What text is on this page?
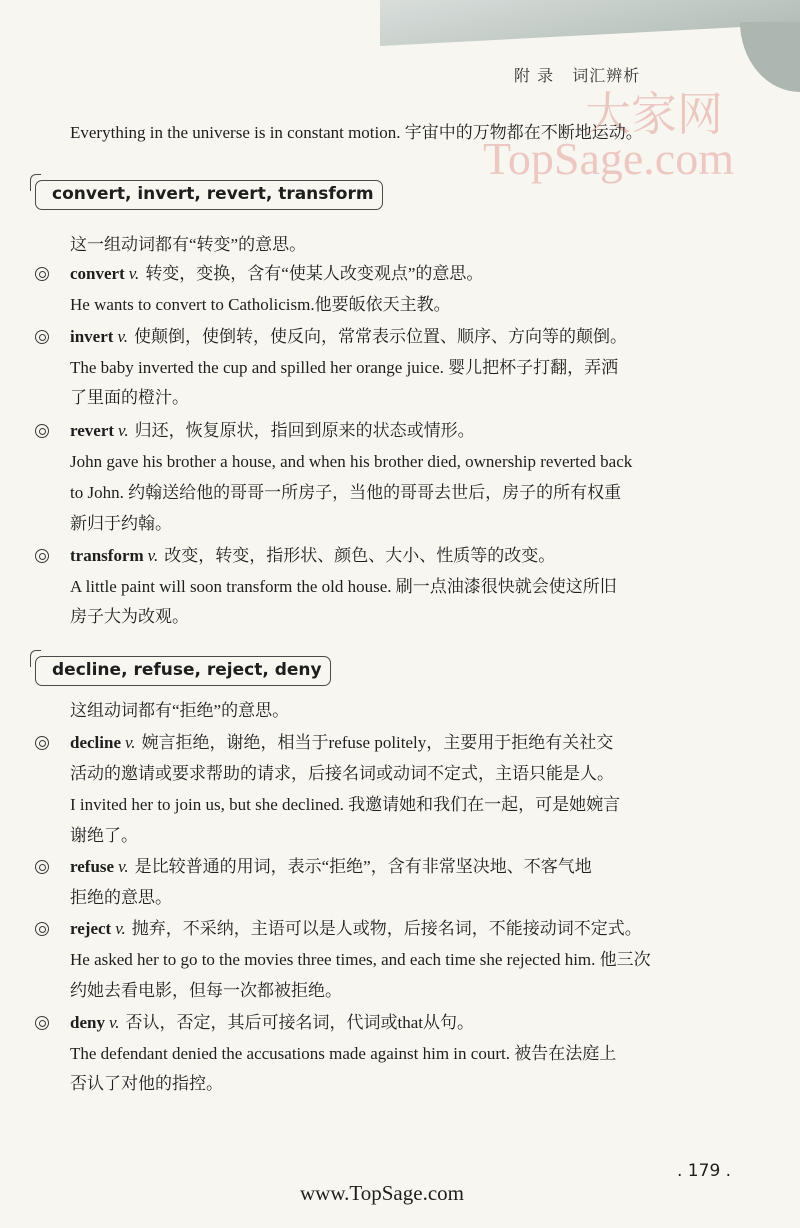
附 录 词汇辨析
大家网
TopSage.com
Everything in the universe is in constant motion. 宇宙中的万物都在不断地运动。
convert, invert, revert, transform
这一组动词都有“转变”的意思。
convert v. 转变，变换，含有“使某人改变观点”的意思。
He wants to convert to Catholicism.他要皈依天主教。
invert v. 使颠倒，使倒转，使反向，常常表示位置、顺序、方向等的颠倒。
The baby inverted the cup and spilled her orange juice. 婴儿把杯子打翻，弄洒
了里面的橙汁。
revert v. 归还，恢复原状，指回到原来的状态或情形。
John gave his brother a house, and when his brother died, ownership reverted back
to John. 约翰送给他的哥哥一所房子，当他的哥哥去世后，房子的所有权重
新归于约翰。
transform v. 改变，转变，指形状、颜色、大小、性质等的改变。
A little paint will soon transform the old house. 刷一点油漆很快就会使这所旧
房子大为改观。
decline, refuse, reject, deny
这组动词都有“拒绝”的意思。
decline v. 婉言拒绝，谢绝，相当于refuse politely，主要用于拒绝有关社交
活动的邀请或要求帮助的请求，后接名词或动词不定式，主语只能是人。
I invited her to join us, but she declined. 我邀请她和我们在一起，可是她婉言
谢绝了。
refuse v. 是比较普通的用词，表示“拒绝”，含有非常坚决地、不客气地
拒绝的意思。
reject v. 抛弃，不采纳，主语可以是人或物，后接名词，不能接动词不定式。
He asked her to go to the movies three times, and each time she rejected him. 他三次
约她去看电影，但每一次都被拒绝。
deny v. 否认，否定，其后可接名词，代词或that从句。
The defendant denied the accusations made against him in court. 被告在法庭上
否认了对他的指控。
. 179 .
www.TopSage.com
